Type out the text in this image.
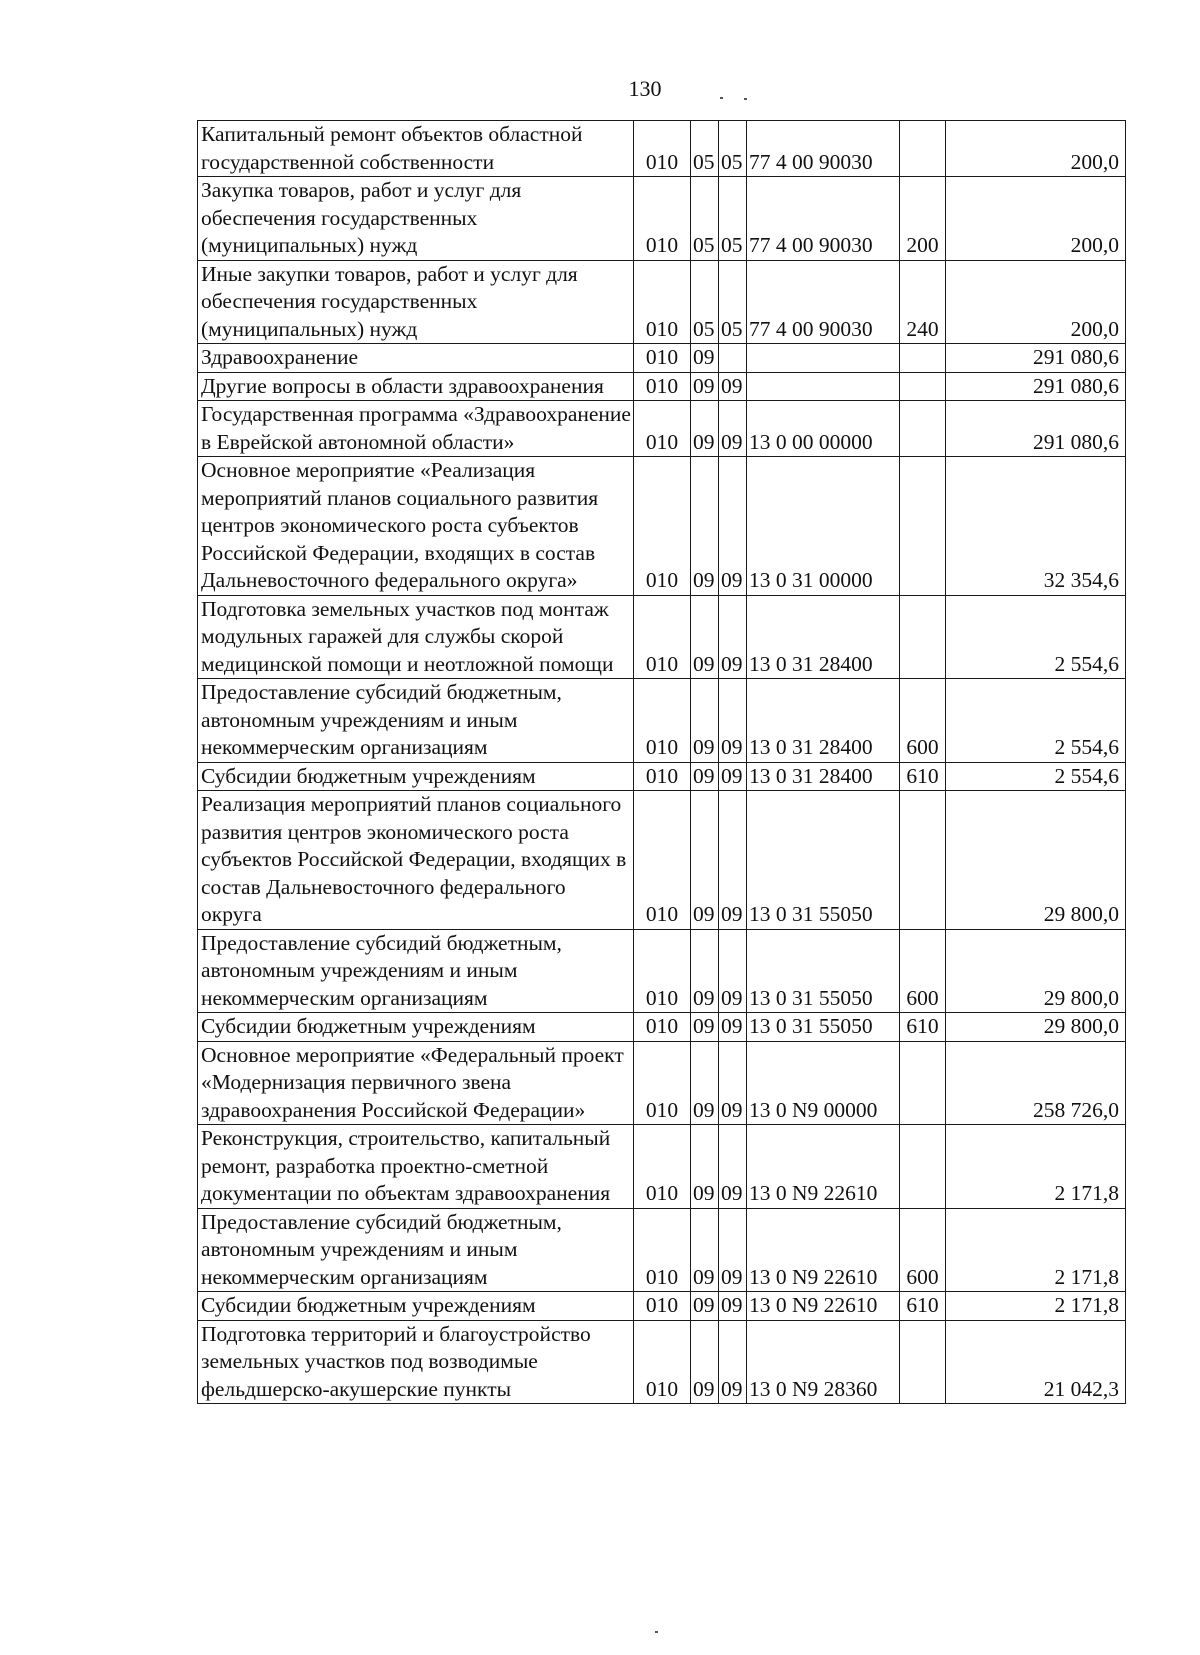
130
Капитальный ремонт объектов областной государственной собственности	010	05	05	77 4 00 90030		200,0
Закупка товаров, работ и услуг для обеспечения государственных (муниципальных) нужд	010	05	05	77 4 00 90030	200	200,0
Иные закупки товаров, работ и услуг для обеспечения государственных (муниципальных) нужд	010	05	05	77 4 00 90030	240	200,0
Здравоохранение	010	09				291 080,6
Другие вопросы в области здравоохранения	010	09	09			291 080,6
Государственная программа «Здравоохранение в Еврейской автономной области»	010	09	09	13 0 00 00000		291 080,6
Основное мероприятие «Реализация мероприятий планов социального развития центров экономического роста субъектов Российской Федерации, входящих в состав Дальневосточного федерального округа»	010	09	09	13 0 31 00000		32 354,6
Подготовка земельных участков под монтаж модульных гаражей для службы скорой медицинской помощи и неотложной помощи	010	09	09	13 0 31 28400		2 554,6
Предоставление субсидий бюджетным, автономным учреждениям и иным некоммерческим организациям	010	09	09	13 0 31 28400	600	2 554,6
Субсидии бюджетным учреждениям	010	09	09	13 0 31 28400	610	2 554,6
Реализация мероприятий планов социального развития центров экономического роста субъектов Российской Федерации, входящих в состав Дальневосточного федерального округа	010	09	09	13 0 31 55050		29 800,0
Предоставление субсидий бюджетным, автономным учреждениям и иным некоммерческим организациям	010	09	09	13 0 31 55050	600	29 800,0
Субсидии бюджетным учреждениям	010	09	09	13 0 31 55050	610	29 800,0
Основное мероприятие «Федеральный проект «Модернизация первичного звена здравоохранения Российской Федерации»	010	09	09	13 0 N9 00000		258 726,0
Реконструкция, строительство, капитальный ремонт, разработка проектно-сметной документации по объектам здравоохранения	010	09	09	13 0 N9 22610		2 171,8
Предоставление субсидий бюджетным, автономным учреждениям и иным некоммерческим организациям	010	09	09	13 0 N9 22610	600	2 171,8
Субсидии бюджетным учреждениям	010	09	09	13 0 N9 22610	610	2 171,8
Подготовка территорий и благоустройство земельных участков под возводимые фельдшерско-акушерские пункты	010	09	09	13 0 N9 28360		21 042,3
